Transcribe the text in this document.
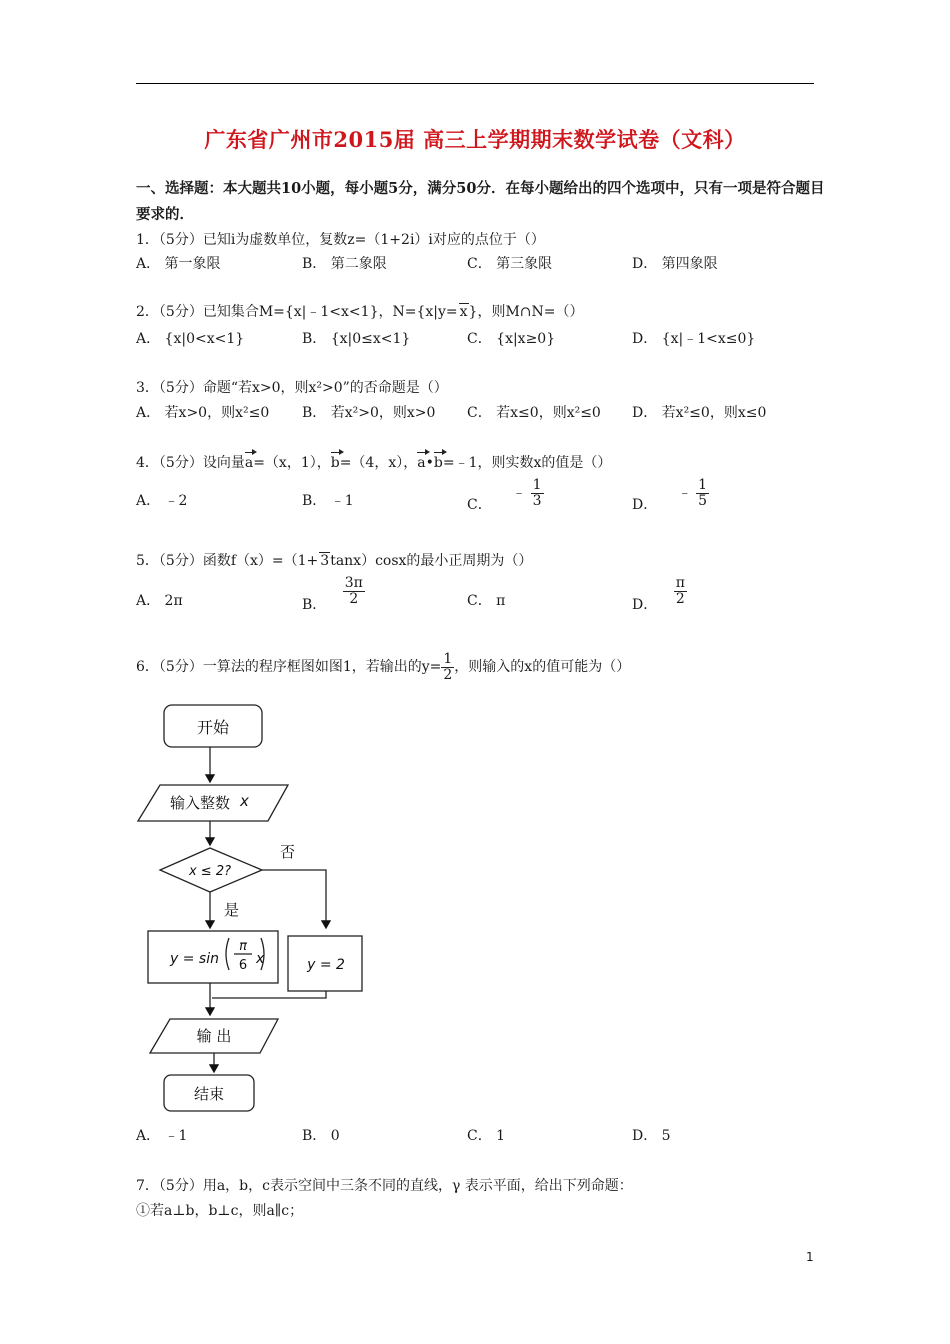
广东省广州市2015届 高三上学期期末数学试卷（文科）
一、选择题：本大题共10小题，每小题5分，满分50分．在每小题给出的四个选项中，只有一项是符合题目要求的．
1．（5分）已知i为虚数单位，复数z=（1+2i）i对应的点位于（）
A． 第一象限	B． 第二象限	C． 第三象限	D． 第四象限
2．（5分）已知集合M={x|﹣1<x<1}，N={x|y= x}，则M∩N=（）
A． {x|0<x<1}	B． {x|0≤x<1}	C． {x|x≥0}	D． {x|﹣1<x≤0}
3．（5分）命题“若x>0，则x²>0”的否命题是（）
A． 若x>0，则x²≤0 B． 若x²>0，则x>0 C． 若x≤0，则x²≤0 D． 若x²≤0，则x≤0
4．（5分）设向量a=（x，1），b=（4，x），a•b=﹣1，则实数x的值是（）
A． ﹣2	B． ﹣1	C． ﹣ $\frac{1}{3}$	D． ﹣ $\frac{1}{5}$
5．（5分）函数f（x）=（1+ 3tanx）cosx的最小正周期为（）
A． 2π	B． $\frac{3\pi}{2}$	C． π	D． $\frac{\pi}{2}$
6．（5分）一算法的程序框图如图1，若输出的$y= \frac{1}{2}$ ，则输入的x的值可能为（）
开始
输入整数 x
x ≤ 2?
否
是
y = sin
π
6 x	y = 2
输 出
结束
A． ﹣1	B． 0	C． 1	D． 5
7．（5分）用a，b，c表示空间中三条不同的直线，γ 表示平面，给出下列命题：
①若a⊥b，b⊥c，则a∥c；
1
